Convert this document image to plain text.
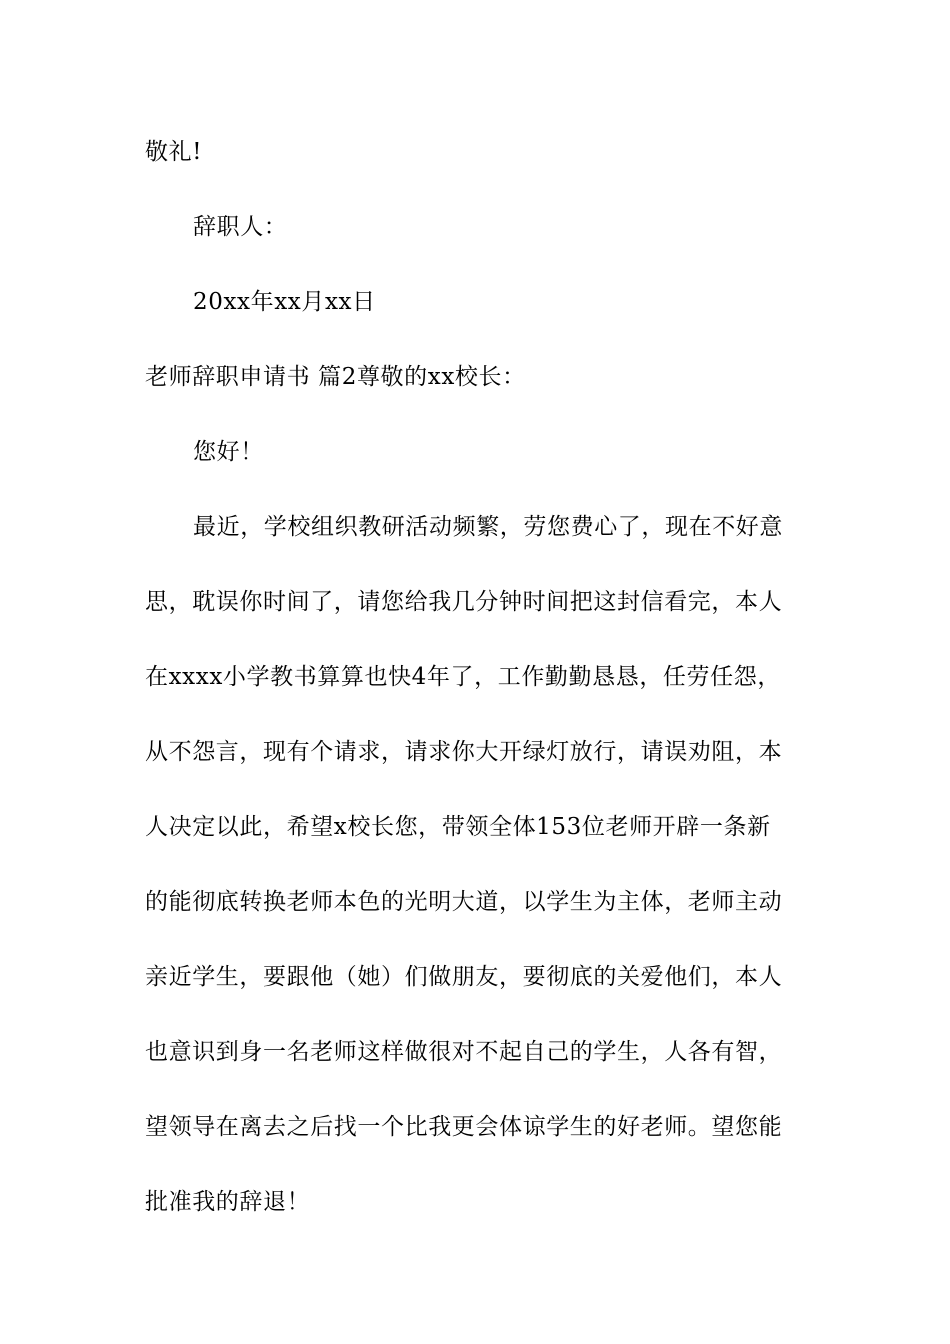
敬礼!
辞职人：
20xx年xx月xx日
老师辞职申请书 篇2尊敬的xx校长：
您好！
最近，学校组织教研活动频繁，劳您费心了，现在不好意
思，耽误你时间了，请您给我几分钟时间把这封信看完，本人
在xxxx小学教书算算也快4年了，工作勤勤恳恳，任劳任怨，
从不怨言，现有个请求，请求你大开绿灯放行，请误劝阻，本
人决定以此，希望x校长您，带领全体153位老师开辟一条新
的能彻底转换老师本色的光明大道，以学生为主体，老师主动
亲近学生，要跟他（她）们做朋友，要彻底的关爱他们，本人
也意识到身一名老师这样做很对不起自己的学生，人各有智，
望领导在离去之后找一个比我更会体谅学生的好老师。望您能
批准我的辞退！
